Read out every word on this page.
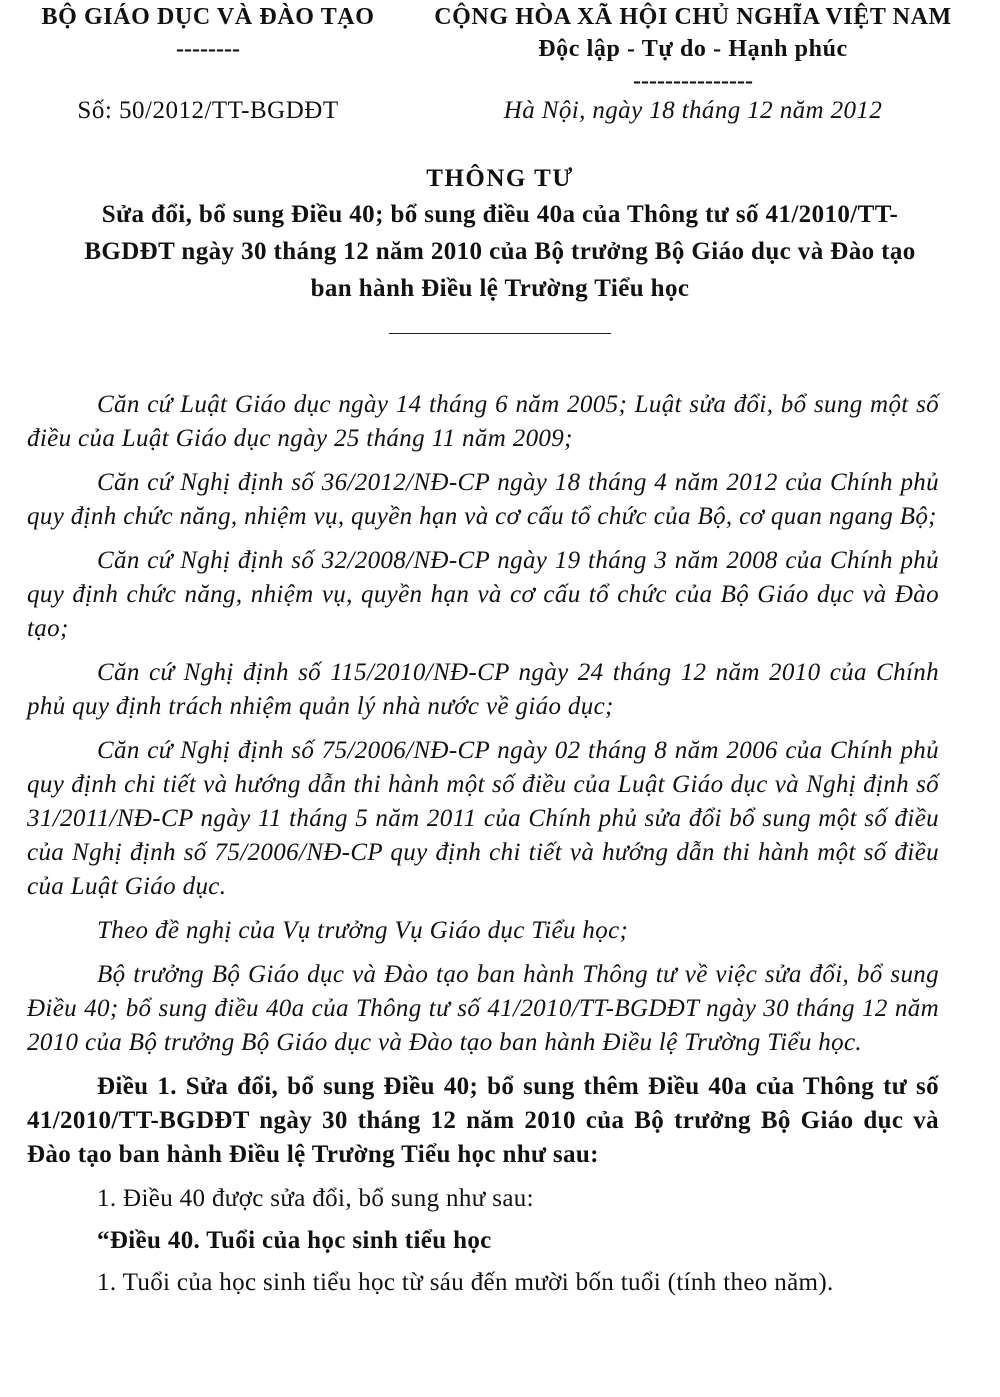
BỘ GIÁO DỤC VÀ ĐÀO TẠO
--------
Số: 50/2012/TT-BGDĐT
CỘNG HÒA XÃ HỘI CHỦ NGHĨA VIỆT NAM
Độc lập - Tự do - Hạnh phúc
---------------
Hà Nội, ngày 18 tháng 12 năm 2012
THÔNG TƯ
Sửa đổi, bổ sung Điều 40; bổ sung điều 40a của Thông tư số 41/2010/TT-
BGDĐT ngày 30 tháng 12 năm 2010 của Bộ trưởng Bộ Giáo dục và Đào tạo
ban hành Điều lệ Trường Tiểu học

Căn cứ Luật Giáo dục ngày 14 tháng 6 năm 2005; Luật sửa đổi, bổ sung một số điều của Luật Giáo dục ngày 25 tháng 11 năm 2009;

Căn cứ Nghị định số 36/2012/NĐ-CP ngày 18 tháng 4 năm 2012 của Chính phủ quy định chức năng, nhiệm vụ, quyền hạn và cơ cấu tổ chức của Bộ, cơ quan ngang Bộ;

Căn cứ Nghị định số 32/2008/NĐ-CP ngày 19 tháng 3 năm 2008 của Chính phủ quy định chức năng, nhiệm vụ, quyền hạn và cơ cấu tổ chức của Bộ Giáo dục và Đào tạo;

Căn cứ Nghị định số 115/2010/NĐ-CP ngày 24 tháng 12 năm 2010 của Chính phủ quy định trách nhiệm quản lý nhà nước về giáo dục;

Căn cứ Nghị định số 75/2006/NĐ-CP ngày 02 tháng 8 năm 2006 của Chính phủ quy định chi tiết và hướng dẫn thi hành một số điều của Luật Giáo dục và Nghị định số 31/2011/NĐ-CP ngày 11 tháng 5 năm 2011 của Chính phủ sửa đổi bổ sung một số điều của Nghị định số 75/2006/NĐ-CP quy định chi tiết và hướng dẫn thi hành một số điều của Luật Giáo dục.

Theo đề nghị của Vụ trưởng Vụ Giáo dục Tiểu học;

Bộ trưởng Bộ Giáo dục và Đào tạo ban hành Thông tư về việc sửa đổi, bổ sung Điều 40; bổ sung điều 40a của Thông tư số 41/2010/TT-BGDĐT ngày 30 tháng 12 năm 2010 của Bộ trưởng Bộ Giáo dục và Đào tạo ban hành Điều lệ Trường Tiểu học.

Điều 1. Sửa đổi, bổ sung Điều 40; bổ sung thêm Điều 40a của Thông tư số 41/2010/TT-BGDĐT ngày 30 tháng 12 năm 2010 của Bộ trưởng Bộ Giáo dục và Đào tạo ban hành Điều lệ Trường Tiểu học như sau:

1. Điều 40 được sửa đổi, bổ sung như sau:

“Điều 40. Tuổi của học sinh tiểu học

1. Tuổi của học sinh tiểu học từ sáu đến mười bốn tuổi (tính theo năm).
